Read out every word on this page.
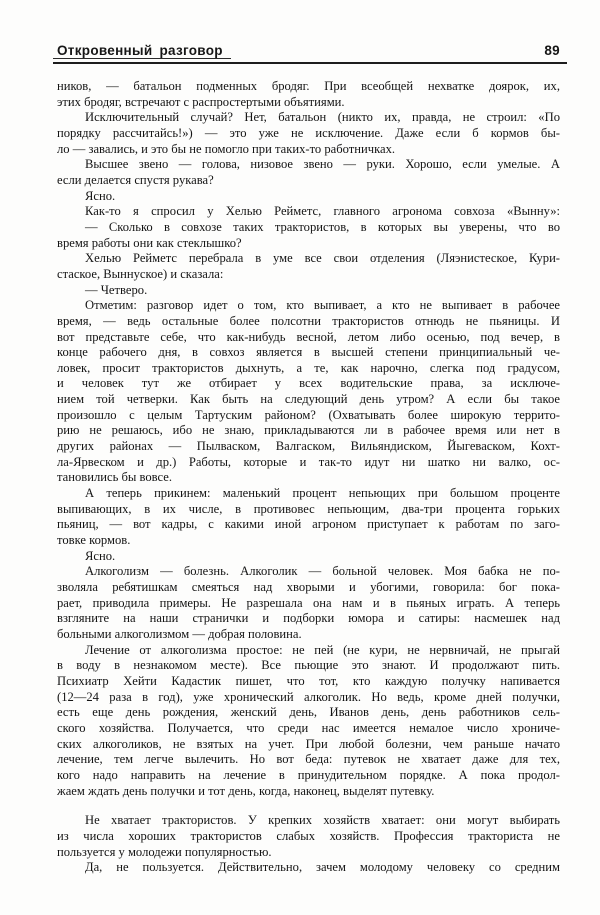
Откровенный разговор	89
ников, — батальон подменных бродяг. При всеобщей нехватке доярок, их,
этих бродяг, встречают с распростертыми объятиями.
Исключительный случай? Нет, батальон (никто их, правда, не строил: «По
порядку рассчитайсь!») — это уже не исключение. Даже если б кормов бы-
ло — завались, и это бы не помогло при таких-то работничках.
Высшее звено — голова, низовое звено — руки. Хорошо, если умелые. А
если делается спустя рукава?
Ясно.
Как-то я спросил у Хелью Рейметс, главного агронома совхоза «Вынну»:
— Сколько в совхозе таких трактористов, в которых вы уверены, что во
время работы они как стеклышко?
Хелью Рейметс перебрала в уме все свои отделения (Ляэнистеское, Кури-
стаское, Выннуское) и сказала:
— Четверо.
Отметим: разговор идет о том, кто выпивает, а кто не выпивает в рабочее
время, — ведь остальные более полсотни трактористов отнюдь не пьяницы. И
вот представьте себе, что как-нибудь весной, летом либо осенью, под вечер, в
конце рабочего дня, в совхоз является в высшей степени принципиальный че-
ловек, просит трактористов дыхнуть, а те, как нарочно, слегка под градусом,
и человек тут же отбирает у всех водительские права, за исключе-
нием той четверки. Как быть на следующий день утром? А если бы такое
произошло с целым Тартуским районом? (Охватывать более широкую террито-
рию не решаюсь, ибо не знаю, прикладываются ли в рабочее время или нет в
других районах — Пылваском, Валгаском, Вильяндиском, Йыгеваском, Кохт-
ла-Ярвеском и др.) Работы, которые и так-то идут ни шатко ни валко, ос-
тановились бы вовсе.
А теперь прикинем: маленький процент непьющих при большом проценте
выпивающих, в их числе, в противовес непьющим, два-три процента горьких
пьяниц, — вот кадры, с какими иной агроном приступает к работам по заго-
товке кормов.
Ясно.
Алкоголизм — болезнь. Алкоголик — больной человек. Моя бабка не по-
зволяла ребятишкам смеяться над хворыми и убогими, говорила: бог пока-
рает, приводила примеры. Не разрешала она нам и в пьяных играть. А теперь
взгляните на наши странички и подборки юмора и сатиры: насмешек над
больными алкоголизмом — добрая половина.
Лечение от алкоголизма простое: не пей (не кури, не нервничай, не прыгай
в воду в незнакомом месте). Все пьющие это знают. И продолжают пить.
Психиатр Хейти Кадастик пишет, что тот, кто каждую получку напивается
(12—24 раза в год), уже хронический алкоголик. Но ведь, кроме дней получки,
есть еще день рождения, женский день, Иванов день, день работников сель-
ского хозяйства. Получается, что среди нас имеется немалое число хрониче-
ских алкоголиков, не взятых на учет. При любой болезни, чем раньше начато
лечение, тем легче вылечить. Но вот беда: путевок не хватает даже для тех,
кого надо направить на лечение в принудительном порядке. А пока продол-
жаем ждать день получки и тот день, когда, наконец, выделят путевку.
Не хватает трактористов. У крепких хозяйств хватает: они могут выбирать
из числа хороших трактористов слабых хозяйств. Профессия тракториста не
пользуется у молодежи популярностью.
Да, не пользуется. Действительно, зачем молодому человеку со средним
